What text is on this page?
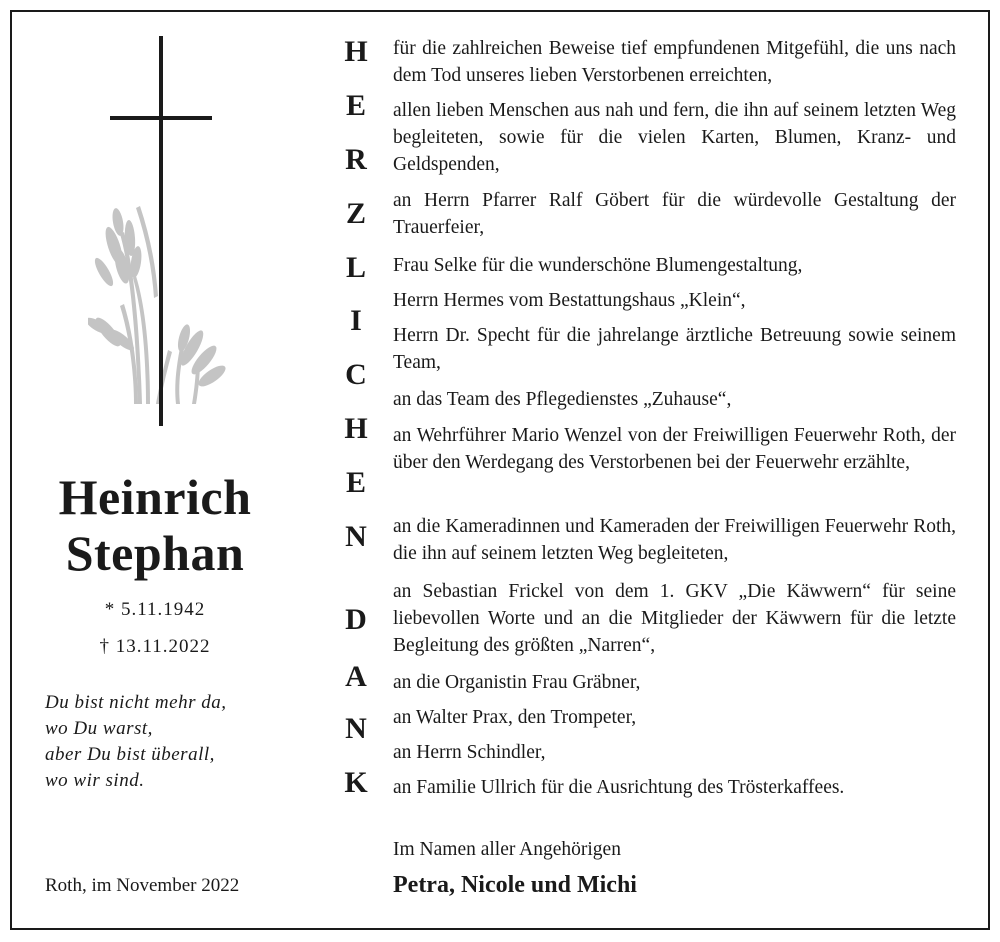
Heinrich
Stephan
* 5.11.1942
† 13.11.2022
Du bist nicht mehr da,
wo Du warst,
aber Du bist überall,
wo wir sind.
Roth, im November 2022
H
E
R
Z
L
I
C
H
E
N
D
A
N
K
für die zahlreichen Beweise tief empfundenen Mitgefühl, die uns nach dem Tod unseres lieben Verstorbenen erreichten,
allen lieben Menschen aus nah und fern, die ihn auf seinem letzten Weg begleiteten, sowie für die vielen Karten, Blumen, Kranz- und Geldspenden,
an Herrn Pfarrer Ralf Göbert für die würdevolle Gestaltung der Trauerfeier,
Frau Selke für die wunderschöne Blumengestaltung,
Herrn Hermes vom Bestattungshaus „Klein“,
Herrn Dr. Specht für die jahrelange ärztliche Betreuung sowie seinem Team,
an das Team des Pflegedienstes „Zuhause“,
an Wehrführer Mario Wenzel von der Freiwilligen Feuerwehr Roth, der über den Werdegang des Verstorbenen bei der Feuerwehr erzählte,
an die Kameradinnen und Kameraden der Freiwilligen Feuerwehr Roth, die ihn auf seinem letzten Weg begleiteten,
an Sebastian Frickel von dem 1. GKV „Die Käwwern“ für seine liebevollen Worte und an die Mitglieder der Käwwern für die letzte Begleitung des größten „Narren“,
an die Organistin Frau Gräbner,
an Walter Prax, den Trompeter,
an Herrn Schindler,
an Familie Ullrich für die Ausrichtung des Trösterkaffees.
Im Namen aller Angehörigen
Petra, Nicole und Michi
